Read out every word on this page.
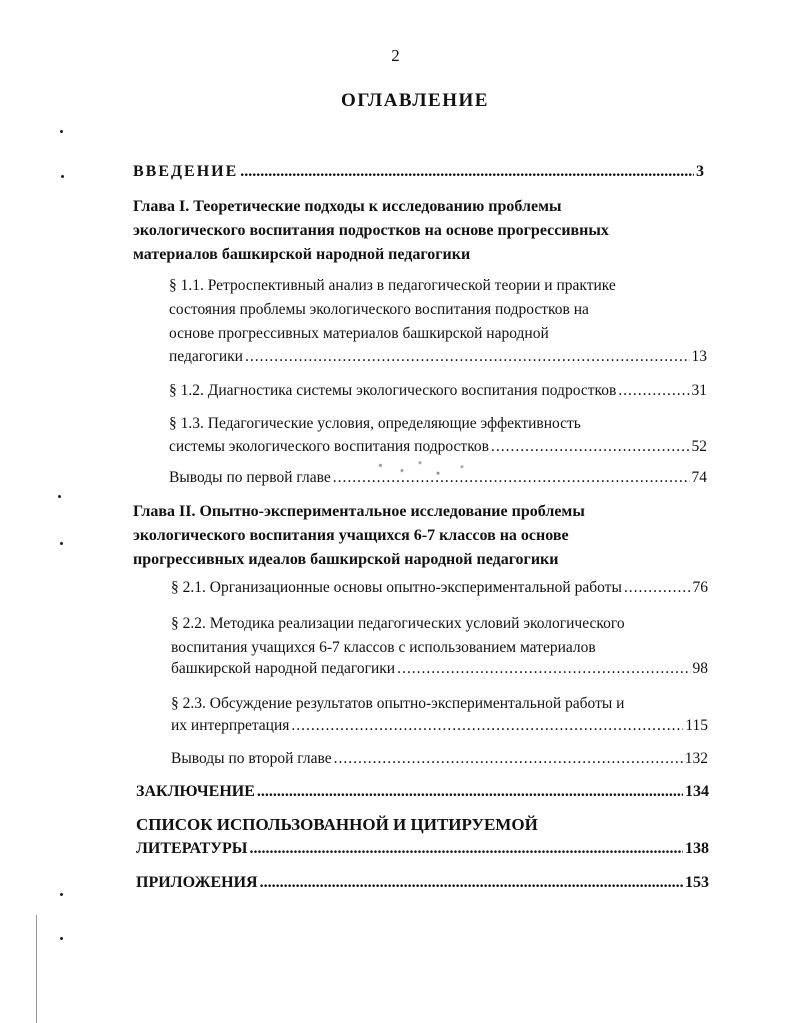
2
ОГЛАВЛЕНИЕ
ВВЕДЕНИЕ .....	3
Глава I. Теоретические подходы к исследованию проблемы
экологического воспитания подростков на основе прогрессивных
материалов башкирской народной педагогики
§ 1.1. Ретроспективный анализ в педагогической теории и практике
состояния проблемы экологического воспитания подростков на
основе прогрессивных материалов башкирской народной
педагогики .....	13
§ 1.2. Диагностика системы экологического воспитания подростков .....	31
§ 1.3. Педагогические условия, определяющие эффективность
системы экологического воспитания подростков .....	52
Выводы по первой главе .....	74
Глава II. Опытно-экспериментальное исследование проблемы
экологического воспитания учащихся 6-7 классов на основе
прогрессивных идеалов башкирской народной педагогики
§ 2.1. Организационные основы опытно-экспериментальной работы .....	76
§ 2.2. Методика реализации педагогических условий экологического
воспитания учащихся 6-7 классов с использованием материалов
башкирской народной педагогики .....	98
§ 2.3. Обсуждение результатов опытно-экспериментальной работы и
их интерпретация .....	115
Выводы по второй главе .....	132
ЗАКЛЮЧЕНИЕ .....	134
СПИСОК ИСПОЛЬЗОВАННОЙ И ЦИТИРУЕМОЙ
ЛИТЕРАТУРЫ .....	138
ПРИЛОЖЕНИЯ .....	153
